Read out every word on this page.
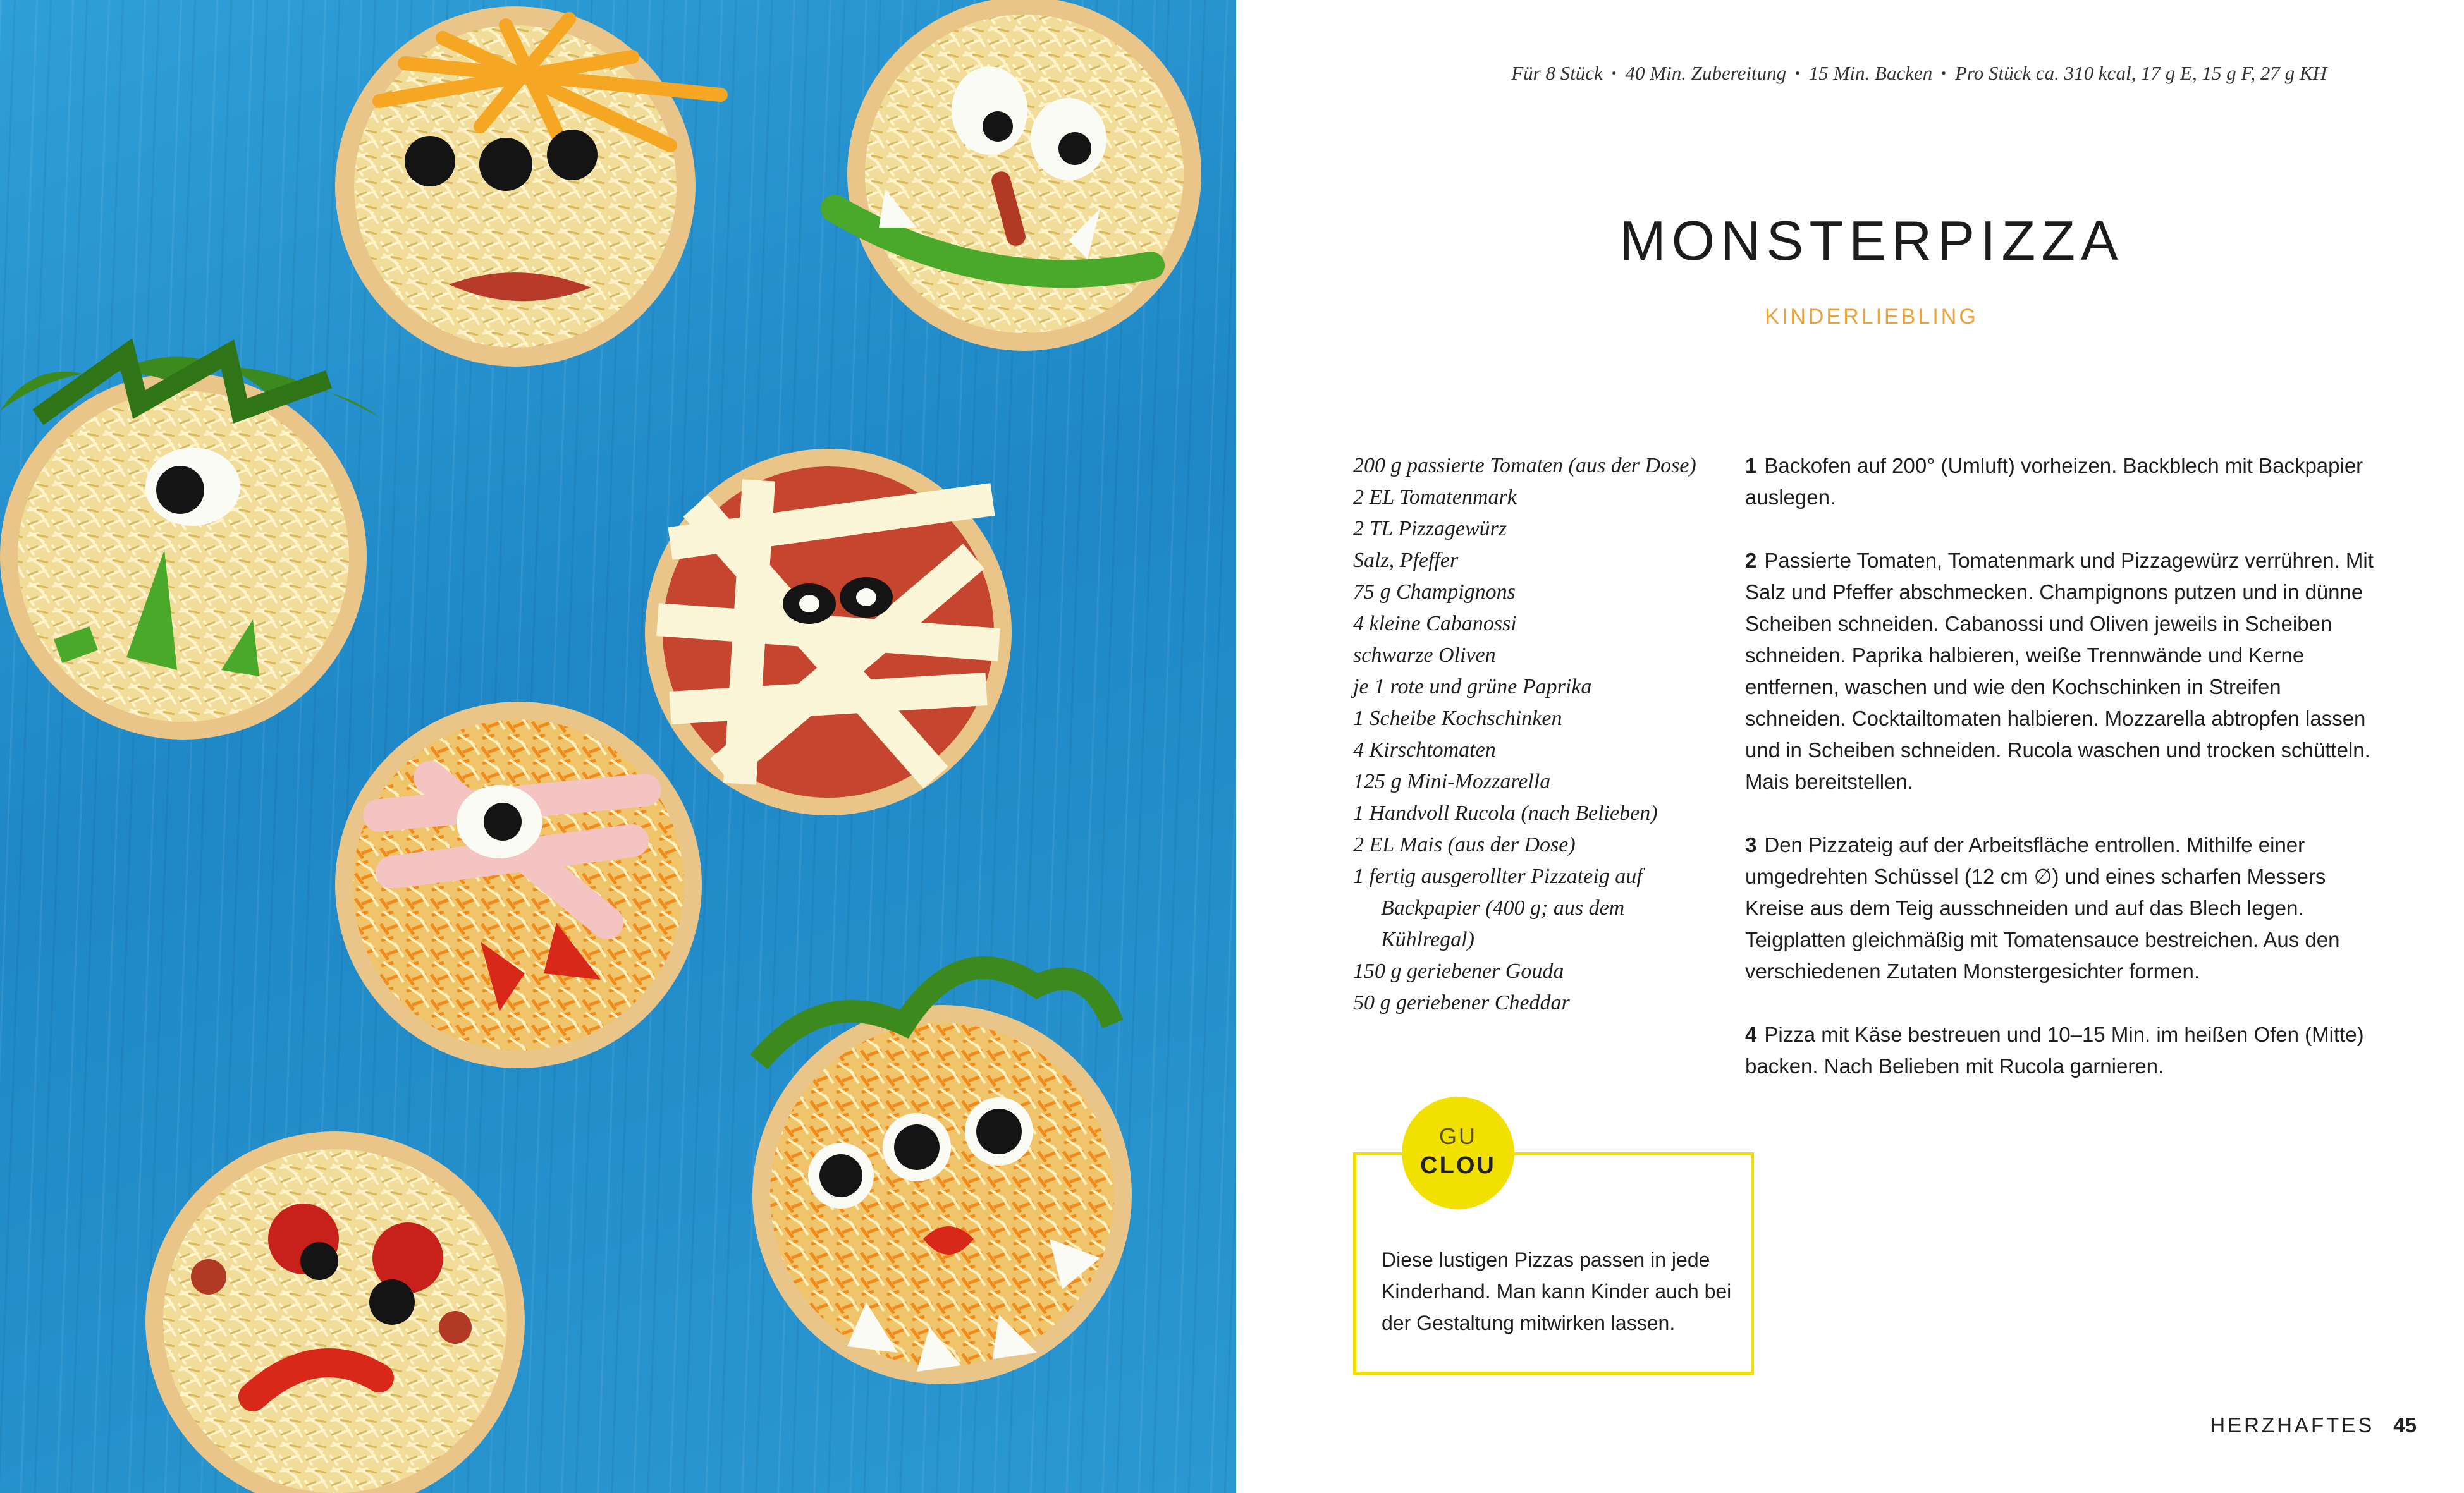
Für 8 Stück • 40 Min. Zubereitung • 15 Min. Backen • Pro Stück ca. 310 kcal, 17 g E, 15 g F, 27 g KH
MONSTERPIZZA
KINDERLIEBLING
200 g passierte Tomaten (aus der Dose)
2 EL Tomatenmark
2 TL Pizzagewürz
Salz, Pfeffer
75 g Champignons
4 kleine Cabanossi
schwarze Oliven
je 1 rote und grüne Paprika
1 Scheibe Kochschinken
4 Kirschtomaten
125 g Mini-Mozzarella
1 Handvoll Rucola (nach Belieben)
2 EL Mais (aus der Dose)
1 fertig ausgerollter Pizzateig auf Backpapier (400 g; aus dem Kühlregal)
150 g geriebener Gouda
50 g geriebener Cheddar
1 Backofen auf 200° (Umluft) vorheizen. Backblech mit Backpapier auslegen.
2 Passierte Tomaten, Tomatenmark und Pizzagewürz verrühren. Mit Salz und Pfeffer abschmecken. Champignons putzen und in dünne Scheiben schneiden. Cabanossi und Oliven jeweils in Scheiben schneiden. Paprika halbieren, weiße Trennwände und Kerne entfernen, waschen und wie den Kochschinken in Streifen schneiden. Cocktailtomaten halbieren. Mozzarella abtropfen lassen und in Scheiben schneiden. Rucola waschen und trocken schütteln. Mais bereitstellen.
3 Den Pizzateig auf der Arbeitsfläche entrollen. Mithilfe einer umgedrehten Schüssel (12 cm ∅) und eines scharfen Messers Kreise aus dem Teig ausschneiden und auf das Blech legen. Teigplatten gleichmäßig mit Tomatensauce bestreichen. Aus den verschiedenen Zutaten Monstergesichter formen.
4 Pizza mit Käse bestreuen und 10–15 Min. im heißen Ofen (Mitte) backen. Nach Belieben mit Rucola garnieren.
Diese lustigen Pizzas passen in jede Kinderhand. Man kann Kinder auch bei der Gestaltung mitwirken lassen.
GU
CLOU
HERZHAFTES 45
